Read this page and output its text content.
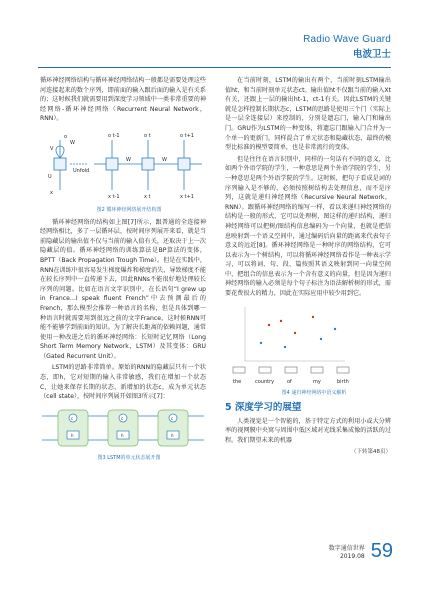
Radio Wave Guard
电波卫士

循环神经网络结构与循环神经网络结构一般都是需要处理这些河连接起来的数个序列，即前面的输入跟后面的输入是有关系的；这时候我们就需要用到深度学习领域中一类非常重要的神经网络-循环神经网络（Recurrent Neural Network，RNN）。

o
x
U
V
W
Unfold
o t-1	o t	o t+1
x t-1	x t	x t+1
W	W

图2 循环神经网络展开结构图

循环神经网络的结构如上图[7]所示，跟普通的全连接神经网络相比，多了一层循环层，按时间序列展开来看，就是当前隐藏层的输出值不仅与当前的输入值有关，还取决于上一次隐藏层的值。循环神经网络的训练算法是BP算法的变体，BPTT（Back Propagation Trough Time）。但是在实践中，RNN在训练中很容易发生梯度爆炸和梯度消失，导致梯度不能在较长序列中一直传递下去，因此RNNs不能很好地处理较长序列的问题。比如在语言文字识别中，在长语句“I grew up in France…I speak fluent French”中去预测最后的French，那么模型会推荐一种语言的名称，但是具体到哪一种语言时就需要用到很远之前的文字France，这时候RNN可能不能够学到前面的知识。为了解决长距离的依赖问题，通常使用一种改进之后的循环神经网络：长短时记忆网络（Long Short Term Memory Network，LSTM）及其变体：GRU（Gated Recurrent Unit）。

LSTM的思路非常简单。原始的RNN的隐藏层只有一个状态，即h，它对短期的输入非常敏感，我们在增加一个状态C，让她来保存长期的状态，新增加的状态c，成为单元状态（cell state），按时间序列展开如图3所示[7]：

c	c	c
h	h	h

图3 LSTM的单元状态展开图

在当前时刻，LSTM的输出有两个，当前时刻LSTM输出值ht，和当前时刻单元状态ct。输出值ht不仅跟当前的输入Xt有关，还跟上一层的输出ht-1，ct-1有关。因此LSTM的关键就是怎样控制长期状态c，LSTM的思路是使用三个门（实际上是一层全连接层）来控制的，分别是遗忘门，输入门和输出门。GRU作为LSTM的一种变体，将遗忘门跟输入门合并为一个单一的更新门，同样混合了单元状态和隐藏状态，最终的模型比标准的模型要简单，也是非常流行的变体。

但是往往在语言识别中，同样的一句话有不同的意义，比如两个外语学院的学生，一种意思是两个外语学院的学生，另一种意思是两个外语学院的学生。这时候，把句子看成是词的序列输入是不够的，必须按照树结构去处理信息，而不是序列，这就是递归神经网络（Recursive Neural Network，RNN）。跟循环神经网络的缩写一样，看以来递归神经网络的结构是一般的形式，它可以处理树，图这样的递归结构，递归神经网络可以把树/图结构信息编码为一个向量，也就是把信息映射到一个语义空间中，通过编码后向量的距离来代表句子意义的远近[8]。循环神经网络是一种时序的网络结构，它可以表示为一个树结构，可以将循环神经网络看作是一种表示学习，可以将词、句、段、篇按照其语义映射到同一向量空间中，把组合的信息表示为一个含有意义的向量，但是因为递归神经网络的输入必须是每个句子标注为语法解析树的形式，需要花费很大的精力，因此在实际应用中较少用到它。

the	country	of	my	birth

图4 递归神经网络中语义解析

5 深度学习的展望

人类视觉是一个智能的，基于特定方式的利用小或大分辨率的视网膜中央窝与周围中低区域对光线采集成像的活跃的过程。我们期望未来的机器

（下转第48页）
数字通信世界
2019.08 59
